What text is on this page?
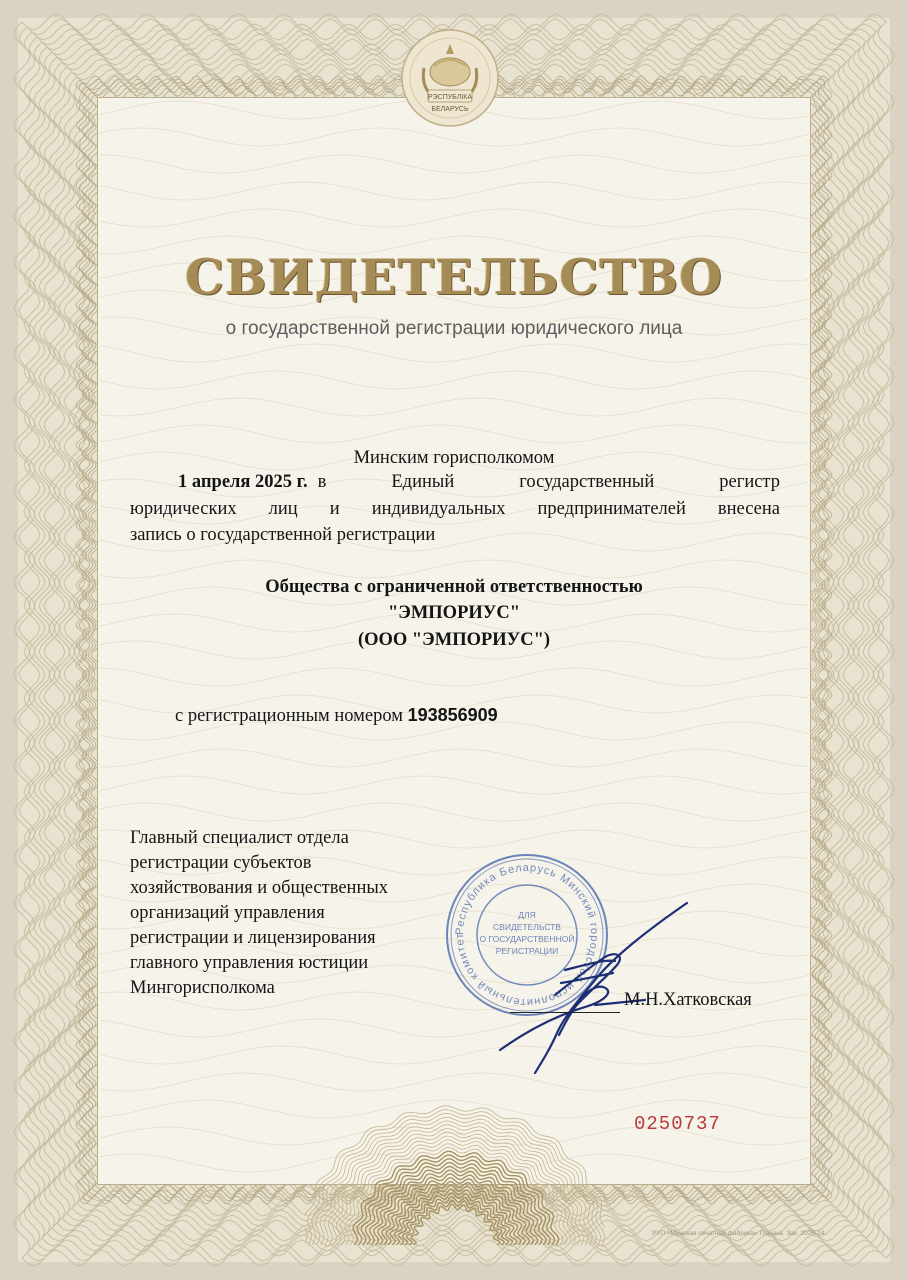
РЭСПУБЛІКА
БЕЛАРУСЬ
СВИДЕТЕЛЬСТВО
о государственной регистрации юридического лица
Минским горисполкомом
1 апреля 2025 г. в Единый государственный регистр
юридических лиц и индивидуальных предпринимателей внесена
запись о государственной регистрации
Общества с ограниченной ответственностью
"ЭМПОРИУС"
(ООО "ЭМПОРИУС")
с регистрационным номером 193856909
Главный специалист отдела
регистрации субъектов
хозяйствования и общественных
организаций управления
регистрации и лицензирования
главного управления юстиции
Мингорисполкома
Республика Беларусь Минский городской исполнительный комитет
ДЛЯ
СВИДЕТЕЛЬСТВ
О ГОСУДАРСТВЕННОЙ
РЕГИСТРАЦИИ
М.Н.Хатковская
0250737
РУП «Минская печатная фабрика» Гознака. Зак. 2026-24.
